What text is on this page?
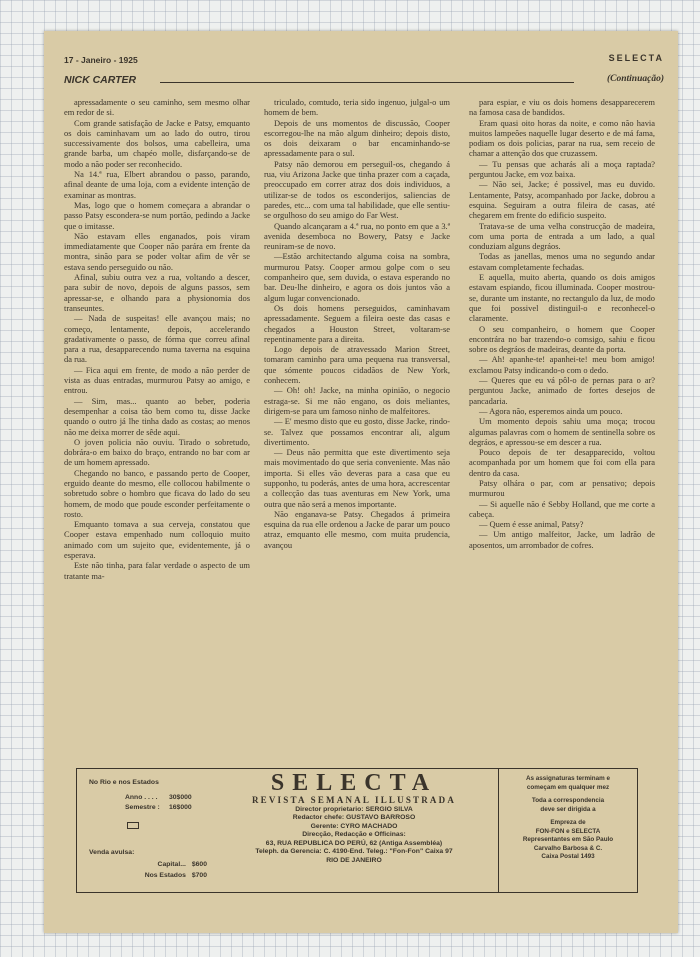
17 - Janeiro - 1925	SELECTA
NICK CARTER	(Continuação)

apressadamente o seu caminho, sem mesmo olhar em redor de si.

Com grande satisfação de Jacke e Patsy, emquanto os dois caminhavam um ao lado do outro, tirou successivamente dos bolsos, uma cabelleira, uma grande barba, um chapéo molle, disfarçando-se de modo a não poder ser reconhecido.

Na 14.ª rua, Elbert abrandou o passo, parando, afinal deante de uma loja, com a evidente intenção de examinar as montras.

Mas, logo que o homem começara a abrandar o passo Patsy escondera-se num portão, pedindo a Jacke que o imitasse.

Não estavam elles enganados, pois viram immediatamente que Cooper não parára em frente da montra, sinão para se poder voltar afim de vêr se estava sendo perseguido ou não.

Afinal, subiu outra vez a rua, voltando a descer, para subir de novo, depois de alguns passos, sem apressar-se, e olhando para a physionomia dos transeuntes.

— Nada de suspeitas! elle avançou mais; no começo, lentamente, depois, accelerando gradativamente o passo, de fórma que correu afinal para a rua, desapparecendo numa taverna na esquina da rua.

— Fica aqui em frente, de modo a não perder de vista as duas entradas, murmurou Patsy ao amigo, e entrou.

— Sim, mas... quanto ao beber, poderia desempenhar a coisa tão bem como tu, disse Jacke quando o outro já lhe tinha dado as costas; ao menos não me deixa morrer de sêde aqui.

O joven policia não ouviu. Tirado o sobretudo, dobrára-o em baixo do braço, entrando no bar com ar de um homem apressado.

Chegando no banco, e passando perto de Cooper, erguido deante do mesmo, elle collocou habilmente o sobretudo sobre o hombro que ficava do lado do seu homem, de modo que poude esconder perfeitamente o rosto.

Emquanto tomava a sua cerveja, constatou que Cooper estava empenhado num colloquio muito animado com um sujeito que, evidentemente, já o esperava.

Este não tinha, para falar verdade o aspecto de um tratante ma-

triculado, comtudo, teria sido ingenuo, julgal-o um homem de bem.

Depois de uns momentos de discussão, Cooper escorregou-lhe na mão algum dinheiro; depois disto, os dois deixaram o bar encaminhando-se apressadamente para o sul.

Patsy não demorou em perseguil-os, chegando á rua, viu Arizona Jacke que tinha prazer com a caçada, preoccupado em correr atraz dos dois individuos, a utilizar-se de todos os esconderijos, saliencias de paredes, etc... com uma tal habilidade, que elle sentiu-se orgulhoso do seu amigo do Far West.

Quando alcançaram a 4.ª rua, no ponto em que a 3.ª avenida desemboca no Bowery, Patsy e Jacke reuniram-se de novo.

—Estão architectando alguma coisa na sombra, murmurou Patsy. Cooper armou golpe com o seu companheiro que, sem duvida, o estava esperando no bar. Deu-lhe dinheiro, e agora os dois juntos vão a algum lugar convencionado.

Os dois homens perseguidos, caminhavam apressadamente. Seguem a fileira oeste das casas e chegados a Houston Street, voltaram-se repentinamente para a direita.

Logo depois de atravessado Marion Street, tomaram caminho para uma pequena rua transversal, que sómente poucos cidadãos de New York, conhecem.

— Oh! oh! Jacke, na minha opinião, o negocio estraga-se. Si me não engano, os dois meliantes, dirigem-se para um famoso ninho de malfeitores.

— E' mesmo disto que eu gosto, disse Jacke, rindo-se. Talvez que possamos encontrar ali, algum divertimento.

— Deus não permitta que este divertimento seja mais movimentado do que seria conveniente. Mas não importa. Si elles vão deveras para a casa que eu supponho, tu poderás, antes de uma hora, accrescentar a collecção das tuas aventuras em New York, uma outra que não será a menos importante.

Não enganava-se Patsy. Chegados á primeira esquina da rua elle ordenou a Jacke de parar um pouco atraz, emquanto elle mesmo, com muita prudencia, avançou

para espiar, e viu os dois homens desapparecerem na famosa casa de bandidos.

Eram quasi oito horas da noite, e como não havia muitos lampeões naquelle lugar deserto e de má fama, podiam os dois policias, parar na rua, sem receio de chamar a attenção dos que cruzassem.

— Tu pensas que acharás ali a moça raptada? perguntou Jacke, em voz baixa.

— Não sei, Jacke; é possivel, mas eu duvido. Lentamente, Patsy, acompanhado por Jacke, dobrou a esquina. Seguiram a outra fileira de casas, até chegarem em frente do edificio suspeito.

Tratava-se de uma velha construcção de madeira, com uma porta de entrada a um lado, a qual conduziam alguns degráos.

Todas as janellas, menos uma no segundo andar estavam completamente fechadas.

E aquella, muito aberta, quando os dois amigos estavam espiando, ficou illuminada. Cooper mostrou-se, durante um instante, no rectangulo da luz, de modo que foi possivel distinguil-o e reconhecel-o claramente.

O seu companheiro, o homem que Cooper encontrára no bar trazendo-o comsigo, sahiu e ficou sobre os degráos de madeiras, deante da porta.

— Ah! apanhe-te! apanhei-te! meu bom amigo! exclamou Patsy indicando-o com o dedo.

— Queres que eu vá pôl-o de pernas para o ar? perguntou Jacke, animado de fortes desejos de pancadaria.

— Agora não, esperemos ainda um pouco.

Um momento depois sahiu uma moça; trocou algumas palavras com o homem de sentinella sobre os degráos, e apressou-se em descer a rua.

Pouco depois de ter desapparecido, voltou acompanhada por um homem que foi com ella para dentro da casa.

Patsy olhára o par, com ar pensativo; depois murmurou

— Si aquelle não é Sebby Holland, que me corte a cabeça.

— Quem é esse animal, Patsy?

— Um antigo malfeitor, Jacke, um ladrão de aposentos, um arrombador de cofres.

No Rio e nos Estados
Anno . . . . 30$000
Semestre : 16$000
Venda avulsa:
Capital... $600
Nos Estados $700
SELECTA
REVISTA SEMANAL ILLUSTRADA
Director proprietario: SERGIO SILVA
Redactor chefe: GUSTAVO BARROSO
Gerente: CYRO MACHADO
Direcção, Redacção e Officinas:
63, RUA REPUBLICA DO PERÚ, 62 (Antiga Assembléa)
Teleph. da Gerencia: C. 4190-End. Teleg.: "Fon-Fon" Caixa 97
RIO DE JANEIRO
As assignaturas terminam e
começam em qualquer mez
Toda a correspondencia
deve ser dirigida a
Empreza de
FON-FON e SELECTA
Representantes em São Paulo
Carvalho Barbosa & C.
Caixa Postal 1493
